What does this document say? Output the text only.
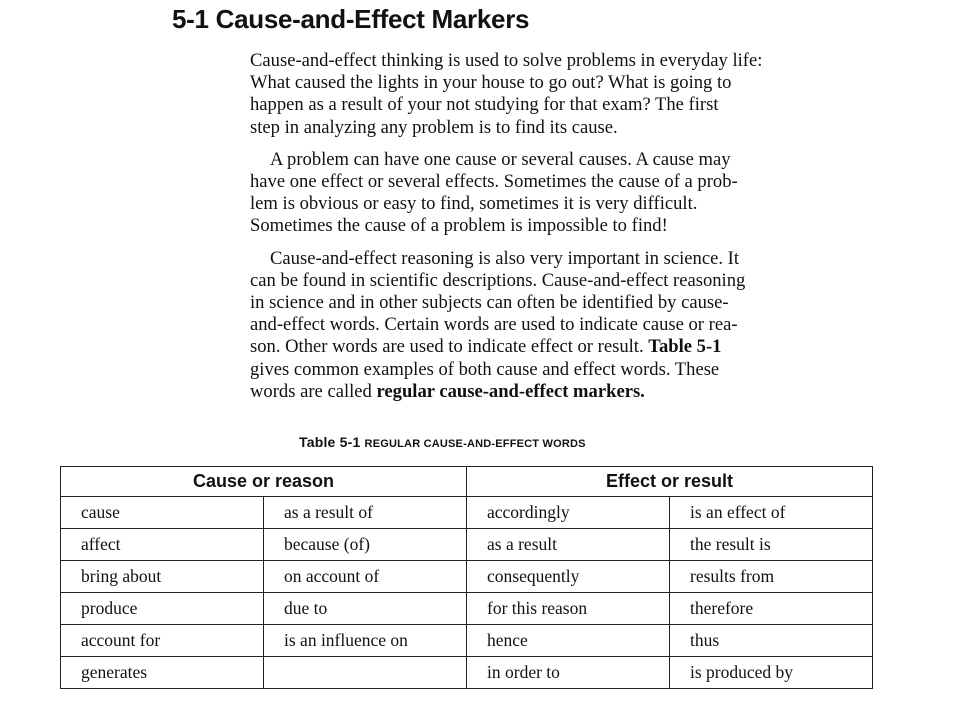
5-1 Cause-and-Effect Markers

Cause-and-effect thinking is used to solve problems in everyday life:
What caused the lights in your house to go out? What is going to
happen as a result of your not studying for that exam? The first
step in analyzing any problem is to find its cause.

A problem can have one cause or several causes. A cause may
have one effect or several effects. Sometimes the cause of a prob-
lem is obvious or easy to find, sometimes it is very difficult.
Sometimes the cause of a problem is impossible to find!

Cause-and-effect reasoning is also very important in science. It
can be found in scientific descriptions. Cause-and-effect reasoning
in science and in other subjects can often be identified by cause-
and-effect words. Certain words are used to indicate cause or rea-
son. Other words are used to indicate effect or result. Table 5-1
gives common examples of both cause and effect words. These
words are called regular cause-and-effect markers.

Table 5-1 REGULAR CAUSE-AND-EFFECT WORDS
Cause or reason		Effect or result	
cause	as a result of	accordingly	is an effect of
affect	because (of)	as a result	the result is
bring about	on account of	consequently	results from
produce	due to	for this reason	therefore
account for	is an influence on	hence	thus
generates		in order to	is produced by
